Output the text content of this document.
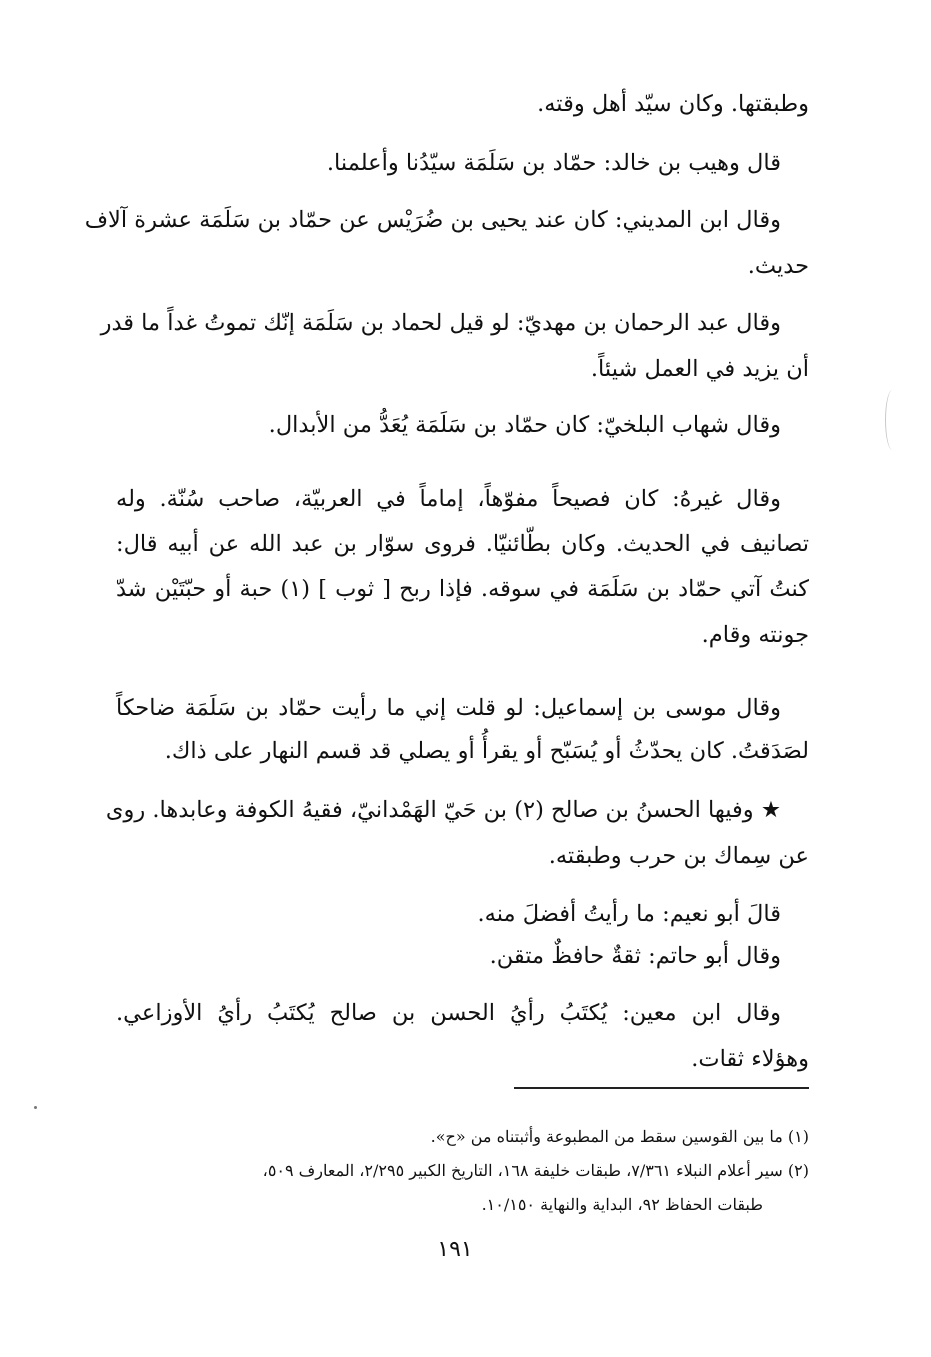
وطبقتها. وكان سيّد أهل وقته.

قال وهيب بن خالد: حمّاد بن سَلَمَة سيّدُنا وأعلمنا.

وقال ابن المديني: كان عند يحيى بن ضُرَيْس عن حمّاد بن سَلَمَة عشرة آلاف

حديث.

وقال عبد الرحمان بن مهديّ: لو قيل لحماد بن سَلَمَة إنّك تموتُ غداً ما قدر

أن يزيد في العمل شيئاً.

وقال شهاب البلخيّ: كان حمّاد بن سَلَمَة يُعَدُّ من الأبدال.

وقال غيرهُ: كان فصيحاً مفوّهاً، إماماً في العربيّة، صاحب سُنّة. وله

تصانيف في الحديث. وكان بطّائنيّا. فروى سوّار بن عبد الله عن أبيه قال:

كنتُ آتي حمّاد بن سَلَمَة في سوقه. فإذا ربح [ ثوب ] (١) حبة أو حبّتَيْن شدّ

جونته وقام.

وقال موسى بن إسماعيل: لو قلت إني ما رأيت حمّاد بن سَلَمَة ضاحكاً

لصَدَقتُ. كان يحدّثُ أو يُسَبّح أو يقرأُ أو يصلي قد قسم النهار على ذاك.

★ وفيها الحسنُ بن صالح (٢) بن حَيّ الهَمْدانيّ، فقيهُ الكوفة وعابدها. روى

عن سِماك بن حرب وطبقته.

قالَ أبو نعيم: ما رأيتُ أفضلَ منه.

وقال أبو حاتم: ثقةٌ حافظٌ متقن.

وقال ابن معين: يُكتَبُ رأيُ الحسن بن صالح يُكتَبُ رأيُ الأوزاعي.

وهؤلاء ثقات.

(١) ما بين القوسين سقط من المطبوعة وأثبتناه من «ح».

(٢) سير أعلام النبلاء ٧/٣٦١، طبقات خليفة ١٦٨، التاريخ الكبير ٢/٢٩٥، المعارف ٥٠٩،

طبقات الحفاظ ٩٢، البداية والنهاية ١٠/١٥٠.

١٩١
